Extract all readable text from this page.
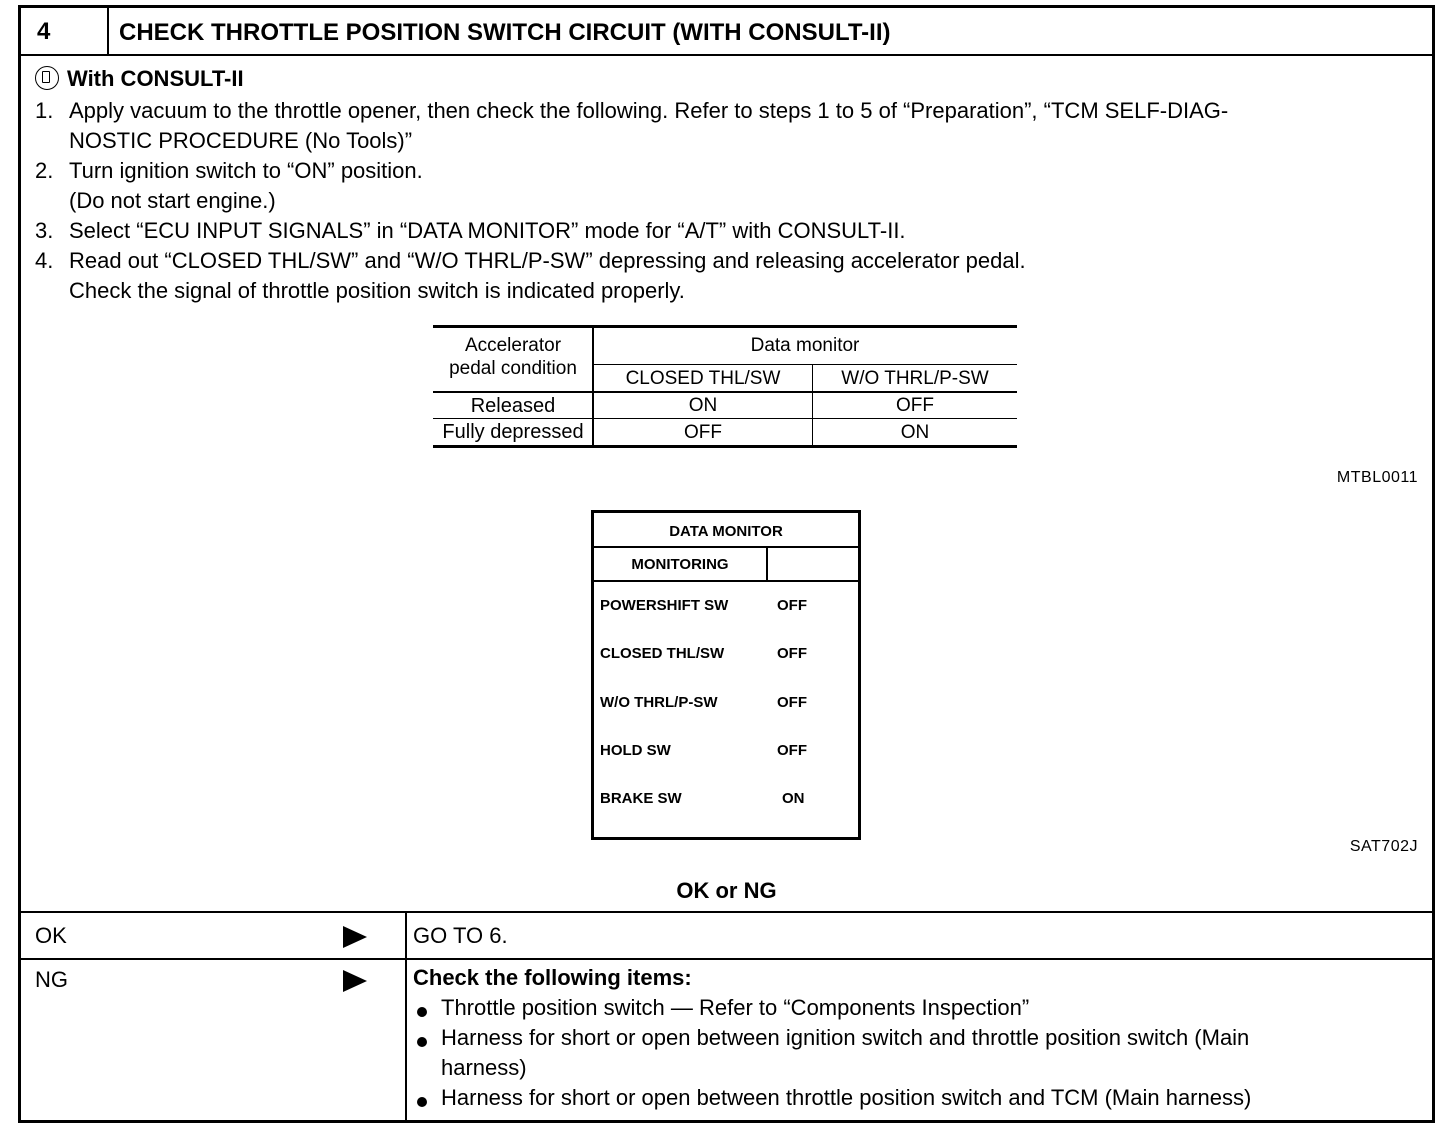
4	CHECK THROTTLE POSITION SWITCH CIRCUIT (WITH CONSULT-II)
With CONSULT-II
1. Apply vacuum to the throttle opener, then check the following. Refer to steps 1 to 5 of “Preparation”, “TCM SELF-DIAG-
NOSTIC PROCEDURE (No Tools)”
2. Turn ignition switch to “ON” position.
(Do not start engine.)
3. Select “ECU INPUT SIGNALS” in “DATA MONITOR” mode for “A/T” with CONSULT-II.
4. Read out “CLOSED THL/SW” and “W/O THRL/P-SW” depressing and releasing accelerator pedal.
Check the signal of throttle position switch is indicated properly.
Accelerator
pedal condition
Data monitor
CLOSED THL/SW	W/O THRL/P-SW
Released	ON	OFF
Fully depressed	OFF	ON
MTBL0011
DATA MONITOR
MONITORING
POWERSHIFT SW	OFF
CLOSED THL/SW	OFF
W/O THRL/P-SW	OFF
HOLD SW	OFF
BRAKE SW	ON
SAT702J
OK or NG
OK	GO TO 6.
NG	Check the following items:
Throttle position switch — Refer to “Components Inspection”
Harness for short or open between ignition switch and throttle position switch (Main
harness)
Harness for short or open between throttle position switch and TCM (Main harness)
